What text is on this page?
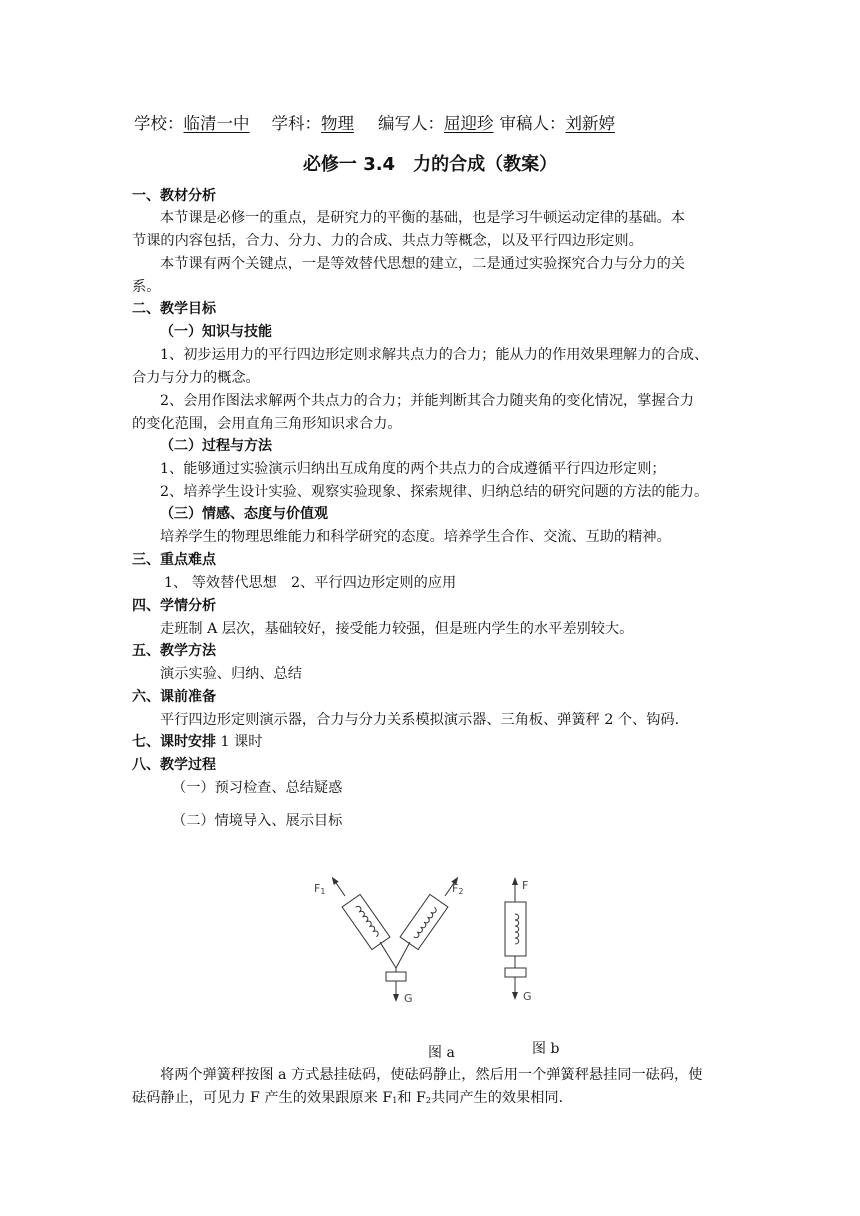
学校：临清一中 学科：物理 编写人：屈迎珍 审稿人：刘新婷
必修一 3.4　力的合成（教案）
一、教材分析
本节课是必修一的重点，是研究力的平衡的基础，也是学习牛顿运动定律的基础。本
节课的内容包括，合力、分力、力的合成、共点力等概念，以及平行四边形定则。
本节课有两个关键点，一是等效替代思想的建立，二是通过实验探究合力与分力的关
系。
二、教学目标
（一）知识与技能
1、初步运用力的平行四边形定则求解共点力的合力；能从力的作用效果理解力的合成、
合力与分力的概念。
2、会用作图法求解两个共点力的合力；并能判断其合力随夹角的变化情况，掌握合力
的变化范围，会用直角三角形知识求合力。
（二）过程与方法
1、能够通过实验演示归纳出互成角度的两个共点力的合成遵循平行四边形定则；
2、培养学生设计实验、观察实验现象、探索规律、归纳总结的研究问题的方法的能力。
（三）情感、态度与价值观
培养学生的物理思维能力和科学研究的态度。培养学生合作、交流、互助的精神。
三、重点难点
1、 等效替代思想　2、平行四边形定则的应用
四、学情分析
走班制 A 层次，基础较好，接受能力较强，但是班内学生的水平差别较大。
五、教学方法
演示实验、归纳、总结
六、课前准备
平行四边形定则演示器，合力与分力关系模拟演示器、三角板、弹簧秤 2 个、钩码.
七、课时安排 1 课时
八、教学过程
（一）预习检查、总结疑惑
（二）情境导入、展示目标
F1	F2
G
F
G
图 a	图 b
将两个弹簧秤按图 a 方式悬挂砝码，使砝码静止，然后用一个弹簧秤悬挂同一砝码，使
砝码静止，可见力 F 产生的效果跟原来 $F_1$和 $F_2$共同产生的效果相同.
